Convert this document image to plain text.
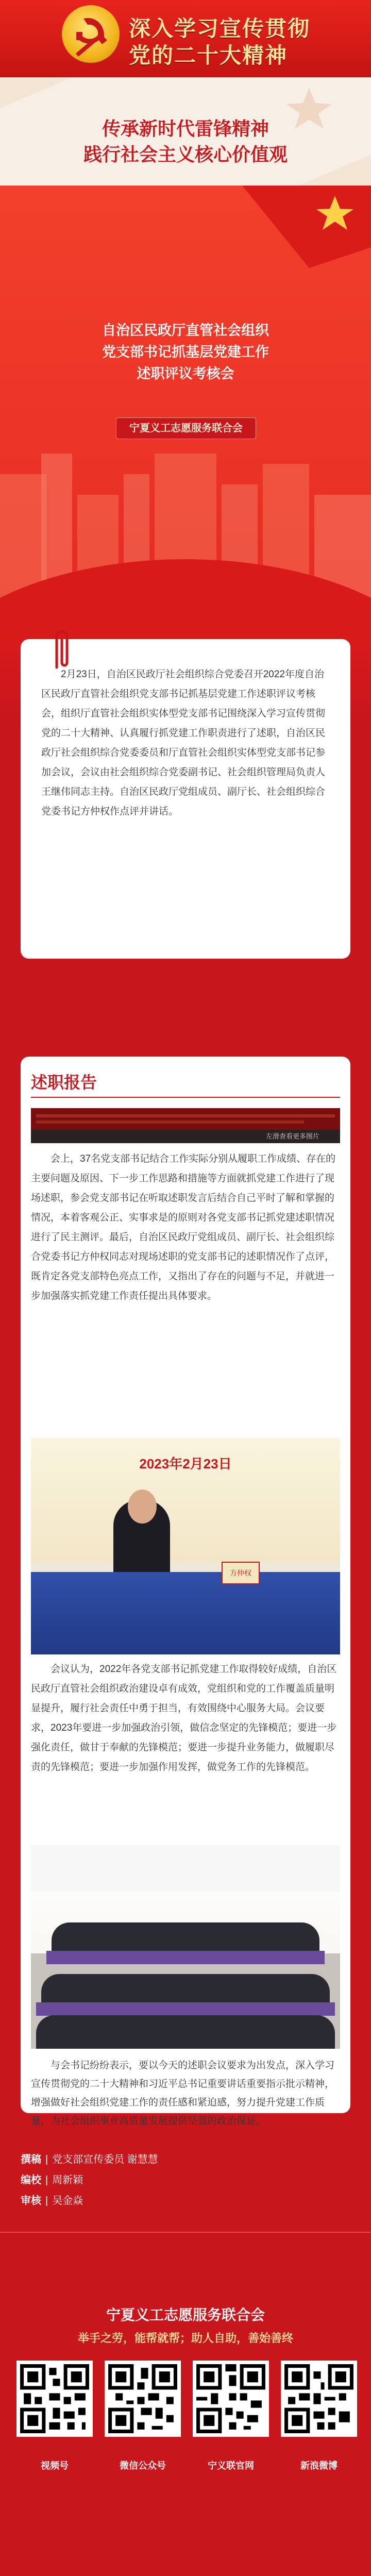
深入学习宣传贯彻
党的二十大精神
传承新时代雷锋精神
践行社会主义核心价值观
自治区民政厅直管社会组织
党支部书记抓基层党建工作
述职评议考核会
宁夏义工志愿服务联合会

2月23日，自治区民政厅社会组织综合党委召开2022年度自治区民政厅直管社会组织党支部书记抓基层党建工作述职评议考核会，组织厅直管社会组织实体型党支部书记围绕深入学习宣传贯彻党的二十大精神、认真履行抓党建工作职责进行了述职，自治区民政厅社会组织综合党委委员和厅直管社会组织实体型党支部书记参加会议，会议由社会组织综合党委副书记、社会组织管理局负责人王继伟同志主持。自治区民政厅党组成员、副厅长、社会组织综合党委书记方仲权作点评并讲话。

述职报告
左滑查看更多图片

会上，37名党支部书记结合工作实际分别从履职工作成绩、存在的主要问题及原因、下一步工作思路和措施等方面就抓党建工作进行了现场述职，参会党支部书记在听取述职发言后结合自己平时了解和掌握的情况，本着客观公正、实事求是的原则对各党支部书记抓党建述职情况进行了民主测评。最后，自治区民政厅党组成员、副厅长、社会组织综合党委书记方仲权同志对现场述职的党支部书记的述职情况作了点评，既肯定各党支部特色亮点工作，又指出了存在的问题与不足，并就进一步加强落实抓党建工作责任提出具体要求。

2023年2月23日
方仲权

会议认为，2022年各党支部书记抓党建工作取得较好成绩，自治区民政厅直管社会组织政治建设卓有成效，党组织和党的工作覆盖质量明显提升，履行社会责任中勇于担当，有效围绕中心服务大局。会议要求，2023年要进一步加强政治引领，做信念坚定的先锋模范；要进一步强化责任，做甘于奉献的先锋模范；要进一步提升业务能力，做履职尽责的先锋模范；要进一步加强作用发挥，做党务工作的先锋模范。

与会书记纷纷表示，要以今天的述职会议要求为出发点，深入学习宣传贯彻党的二十大精神和习近平总书记重要讲话重要指示批示精神，增强做好社会组织党建工作的责任感和紧迫感，努力提升党建工作质量，为社会组织事业高质量发展提供坚强的政治保证。

撰稿 | 党支部宣传委员 谢慧慧
编校 | 周新颖
审核 | 吴金焱
宁夏义工志愿服务联合会
举手之劳，能帮就帮；助人自助，善始善终
视频号	微信公众号	宁义联官网	新浪微博
